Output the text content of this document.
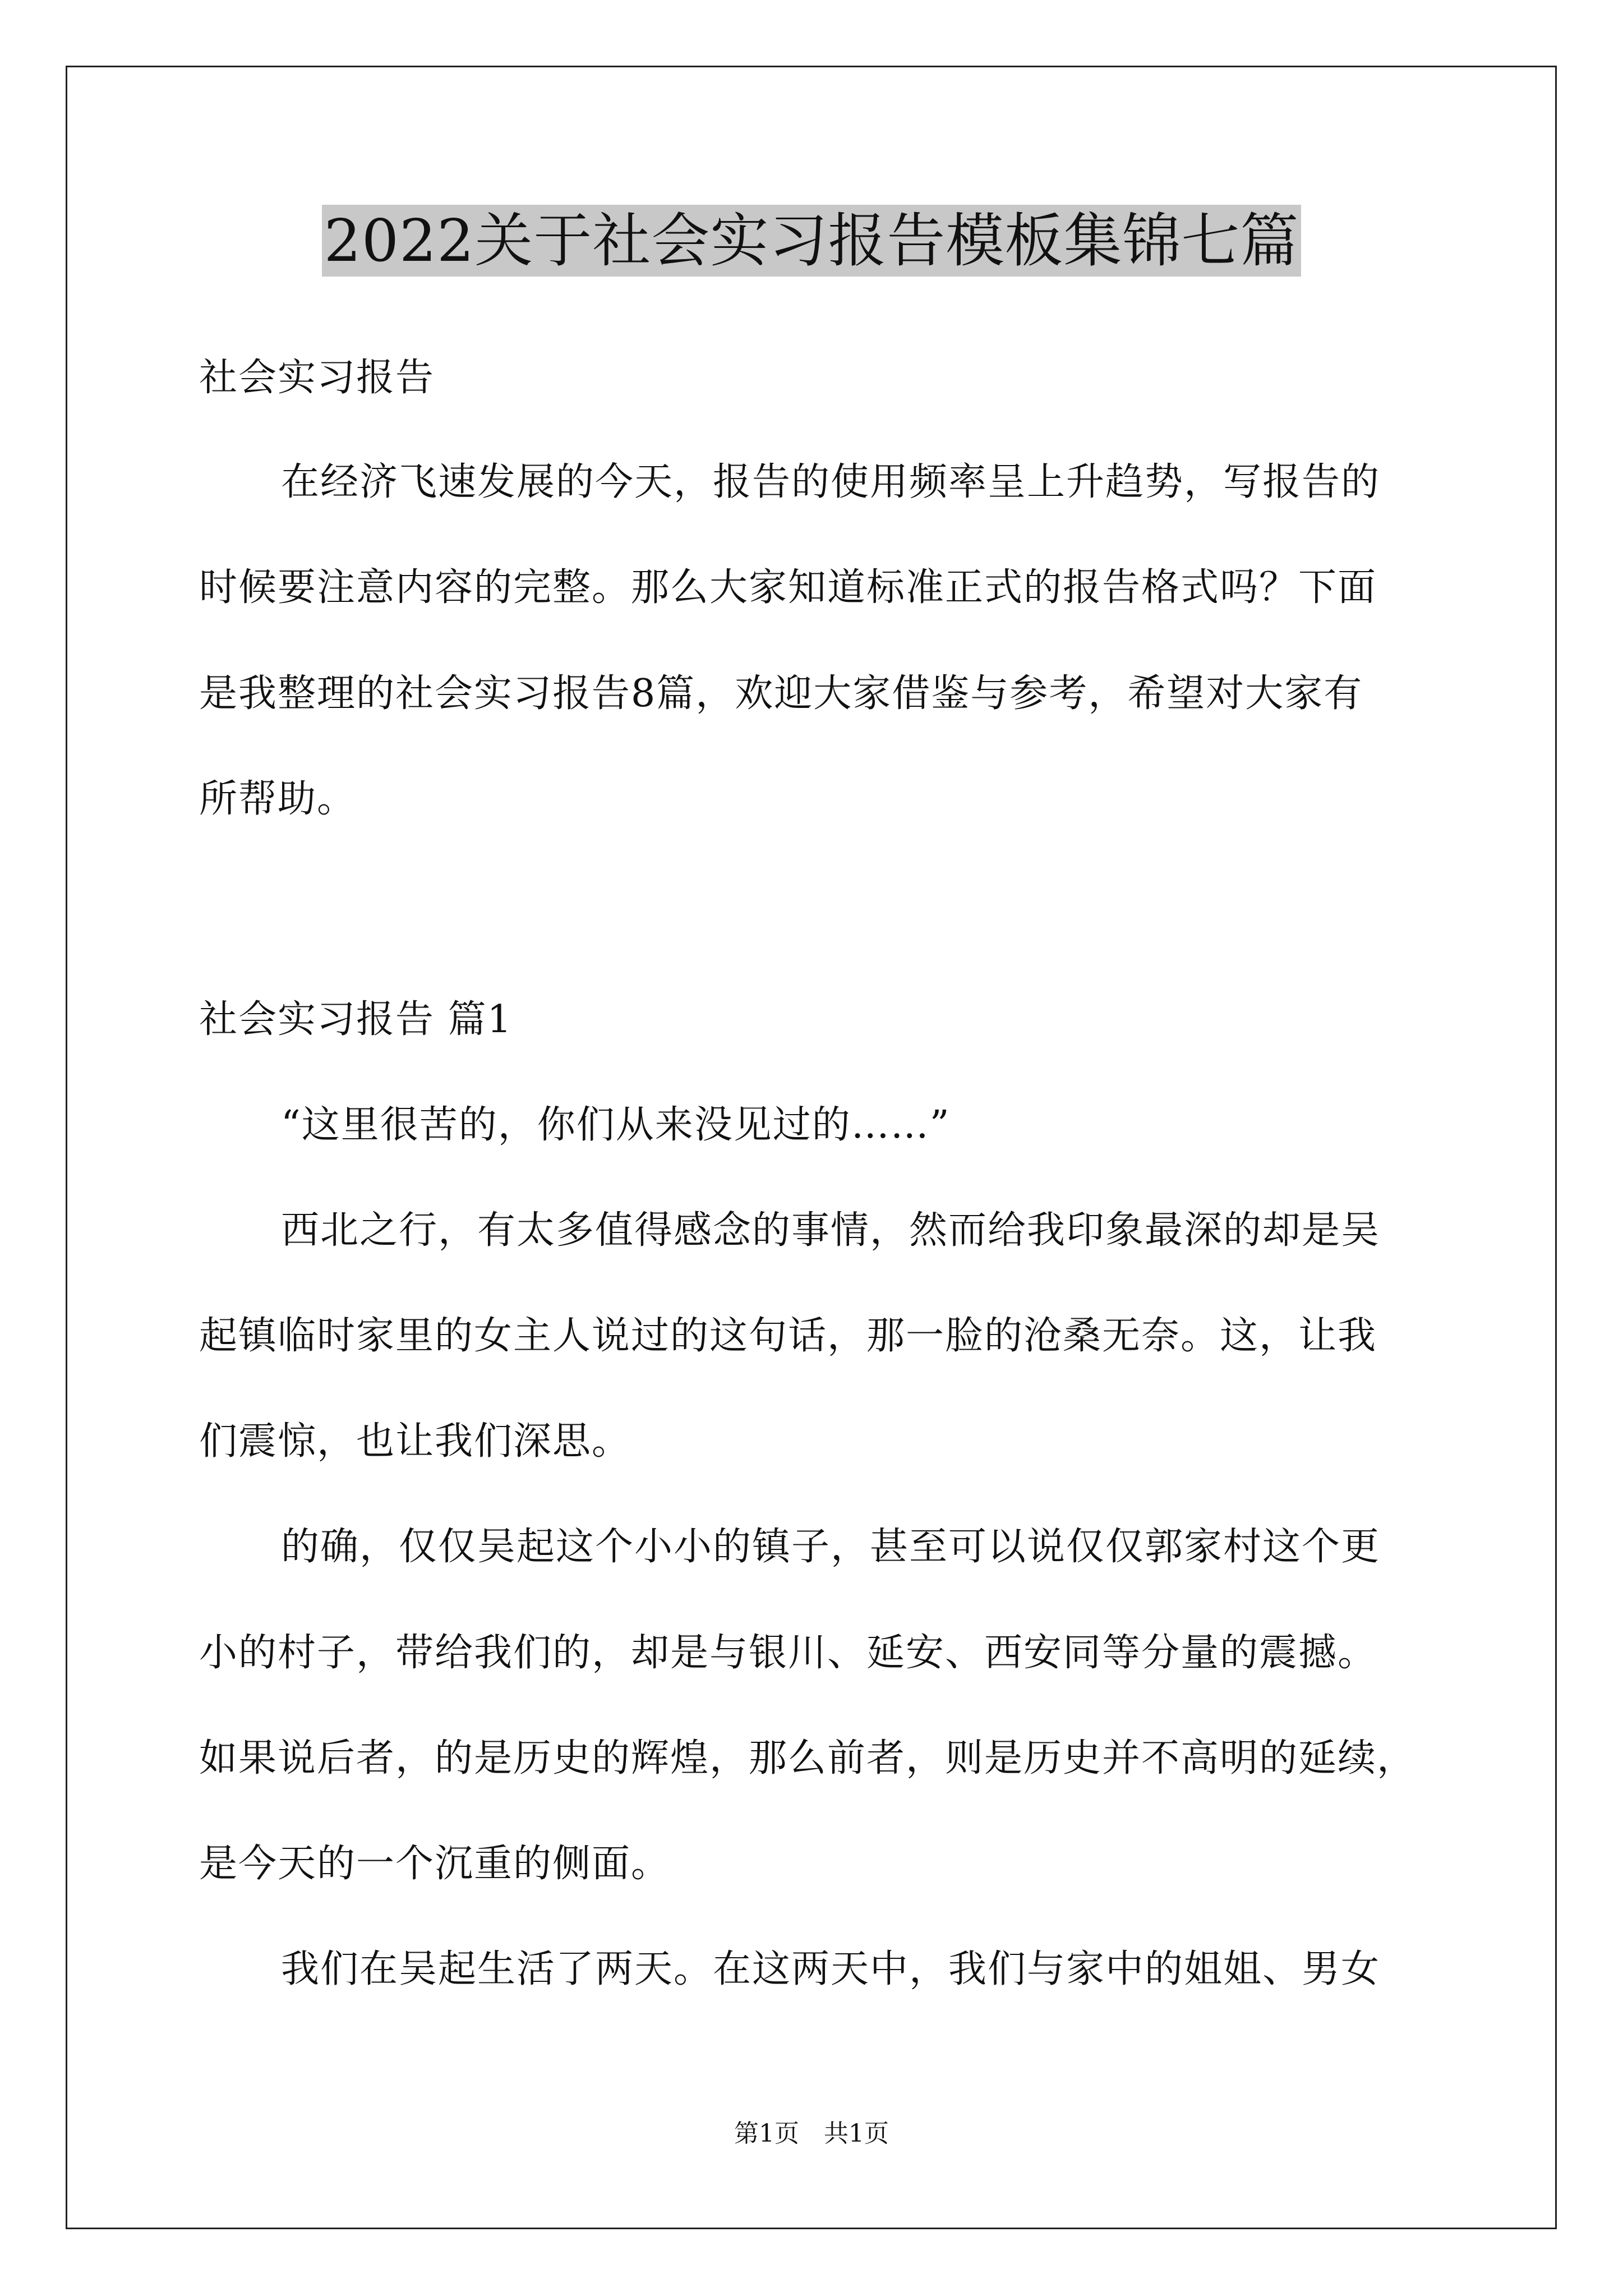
2022关于社会实习报告模板集锦七篇
社会实习报告
在经济飞速发展的今天，报告的使用频率呈上升趋势，写报告的
时候要注意内容的完整。那么大家知道标准正式的报告格式吗？下面
是我整理的社会实习报告8篇，欢迎大家借鉴与参考，希望对大家有
所帮助。
社会实习报告 篇1
“这里很苦的，你们从来没见过的……”
西北之行，有太多值得感念的事情，然而给我印象最深的却是吴
起镇临时家里的女主人说过的这句话，那一脸的沧桑无奈。这，让我
们震惊，也让我们深思。
的确，仅仅吴起这个小小的镇子，甚至可以说仅仅郭家村这个更
小的村子，带给我们的，却是与银川、延安、西安同等分量的震撼。
如果说后者，的是历史的辉煌，那么前者，则是历史并不高明的延续，
是今天的一个沉重的侧面。
我们在吴起生活了两天。在这两天中，我们与家中的姐姐、男女
第1页　共1页
